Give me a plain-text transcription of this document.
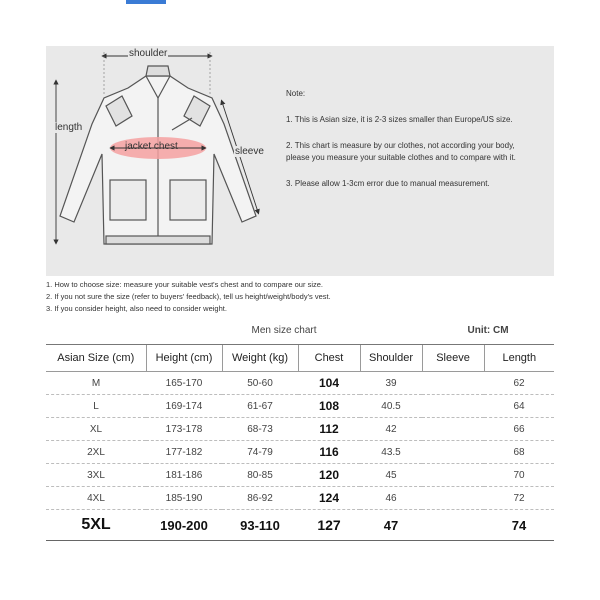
shoulder
length
jacket chest	sleeve
Note:
1. This is Asian size, it is 2-3 sizes smaller than Europe/US size.
2. This chart is measure by our clothes, not according your body,
please you measure your suitable clothes and to compare with it.
3. Please allow 1-3cm error due to manual measurement.
1. How to choose size: measure your suitable vest's chest and to compare our size.
2. If you not sure the size (refer to buyers' feedback), tell us height/weight/body's vest.
3. If you consider height, also need to consider weight.
	Men size chart				Unit: CM	
Asian Size (cm)	Height (cm)	Weight (kg)	Chest	Shoulder	Sleeve	Length
M	165-170	50-60	104	39		62
L	169-174	61-67	108	40.5		64
XL	173-178	68-73	112	42		66
2XL	177-182	74-79	116	43.5		68
3XL	181-186	80-85	120	45		70
4XL	185-190	86-92	124	46		72
5XL	190-200	93-110	127	47		74
